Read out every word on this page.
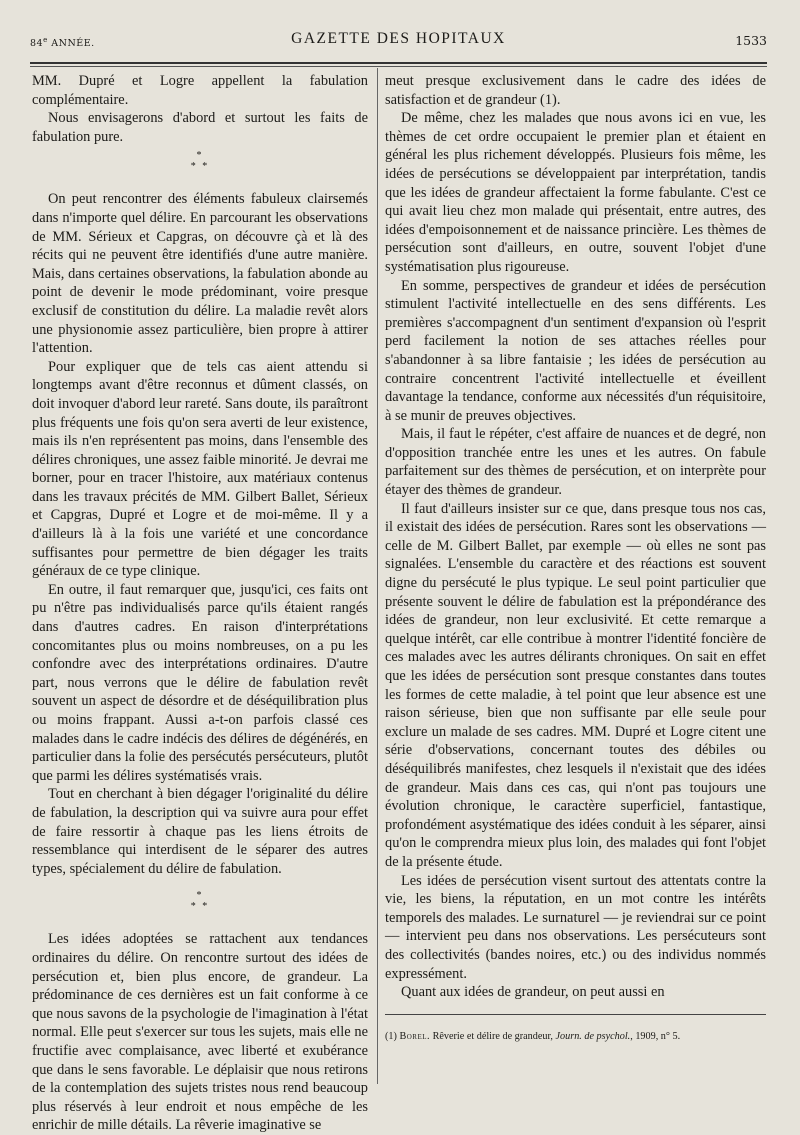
84e ANNÉE.	GAZETTE DES HOPITAUX	1533

MM. Dupré et Logre appellent la fabulation complémentaire.

Nous envisagerons d'abord et surtout les faits de fabulation pure.

*
* *

On peut rencontrer des éléments fabuleux clairsemés dans n'importe quel délire. En parcourant les observations de MM. Sérieux et Capgras, on découvre çà et là des récits qui ne peuvent être identifiés d'une autre manière. Mais, dans certaines observations, la fabulation abonde au point de devenir le mode prédominant, voire presque exclusif de constitution du délire. La maladie revêt alors une physionomie assez particulière, bien propre à attirer l'attention.

Pour expliquer que de tels cas aient attendu si longtemps avant d'être reconnus et dûment classés, on doit invoquer d'abord leur rareté. Sans doute, ils paraîtront plus fréquents une fois qu'on sera averti de leur existence, mais ils n'en représentent pas moins, dans l'ensemble des délires chroniques, une assez faible minorité. Je devrai me borner, pour en tracer l'histoire, aux matériaux contenus dans les travaux précités de MM. Gilbert Ballet, Sérieux et Capgras, Dupré et Logre et de moi-même. Il y a d'ailleurs là à la fois une variété et une concordance suffisantes pour permettre de bien dégager les traits généraux de ce type clinique.

En outre, il faut remarquer que, jusqu'ici, ces faits ont pu n'être pas individualisés parce qu'ils étaient rangés dans d'autres cadres. En raison d'interprétations concomitantes plus ou moins nombreuses, on a pu les confondre avec des interprétations ordinaires. D'autre part, nous verrons que le délire de fabulation revêt souvent un aspect de désordre et de déséquilibration plus ou moins frappant. Aussi a-t-on parfois classé ces malades dans le cadre indécis des délires de dégénérés, en particulier dans la folie des persécutés persécuteurs, plutôt que parmi les délires systématisés vrais.

Tout en cherchant à bien dégager l'originalité du délire de fabulation, la description qui va suivre aura pour effet de faire ressortir à chaque pas les liens étroits de ressemblance qui interdisent de le séparer des autres types, spécialement du délire de fabulation.

*
* *

Les idées adoptées se rattachent aux tendances ordinaires du délire. On rencontre surtout des idées de persécution et, bien plus encore, de grandeur. La prédominance de ces dernières est un fait conforme à ce que nous savons de la psychologie de l'imagination à l'état normal. Elle peut s'exercer sur tous les sujets, mais elle ne fructifie avec complaisance, avec liberté et exubérance que dans le sens favorable. Le déplaisir que nous retirons de la contemplation des sujets tristes nous rend beaucoup plus réservés à leur endroit et nous empêche de les enrichir de mille détails. La rêverie imaginative se

meut presque exclusivement dans le cadre des idées de satisfaction et de grandeur (1).

De même, chez les malades que nous avons ici en vue, les thèmes de cet ordre occupaient le premier plan et étaient en général les plus richement développés. Plusieurs fois même, les idées de persécutions se développaient par interprétation, tandis que les idées de grandeur affectaient la forme fabulante. C'est ce qui avait lieu chez mon malade qui présentait, entre autres, des idées d'empoisonnement et de naissance princière. Les thèmes de persécution sont d'ailleurs, en outre, souvent l'objet d'une systématisation plus rigoureuse.

En somme, perspectives de grandeur et idées de persécution stimulent l'activité intellectuelle en des sens différents. Les premières s'accompagnent d'un sentiment d'expansion où l'esprit perd facilement la notion de ses attaches réelles pour s'abandonner à sa libre fantaisie ; les idées de persécution au contraire concentrent l'activité intellectuelle et éveillent davantage la tendance, conforme aux nécessités d'un réquisitoire, à se munir de preuves objectives.

Mais, il faut le répéter, c'est affaire de nuances et de degré, non d'opposition tranchée entre les unes et les autres. On fabule parfaitement sur des thèmes de persécution, et on interprète pour étayer des thèmes de grandeur.

Il faut d'ailleurs insister sur ce que, dans presque tous nos cas, il existait des idées de persécution. Rares sont les observations — celle de M. Gilbert Ballet, par exemple — où elles ne sont pas signalées. L'ensemble du caractère et des réactions est souvent digne du persécuté le plus typique. Le seul point particulier que présente souvent le délire de fabulation est la prépondérance des idées de grandeur, non leur exclusivité. Et cette remarque a quelque intérêt, car elle contribue à montrer l'identité foncière de ces malades avec les autres délirants chroniques. On sait en effet que les idées de persécution sont presque constantes dans toutes les formes de cette maladie, à tel point que leur absence est une raison sérieuse, bien que non suffisante par elle seule pour exclure un malade de ses cadres. MM. Dupré et Logre citent une série d'observations, concernant toutes des débiles ou déséquilibrés manifestes, chez lesquels il n'existait que des idées de grandeur. Mais dans ces cas, qui n'ont pas toujours une évolution chronique, le caractère superficiel, fantastique, profondément asystématique des idées conduit à les séparer, ainsi qu'on le comprendra mieux plus loin, des malades qui font l'objet de la présente étude.

Les idées de persécution visent surtout des attentats contre la vie, les biens, la réputation, en un mot contre les intérêts temporels des malades. Le surnaturel — je reviendrai sur ce point — intervient peu dans nos observations. Les persécuteurs sont des collectivités (bandes noires, etc.) ou des individus nommés expressément.

Quant aux idées de grandeur, on peut aussi en

(1) Borel. Rêverie et délire de grandeur, Journ. de psychol., 1909, n° 5.
